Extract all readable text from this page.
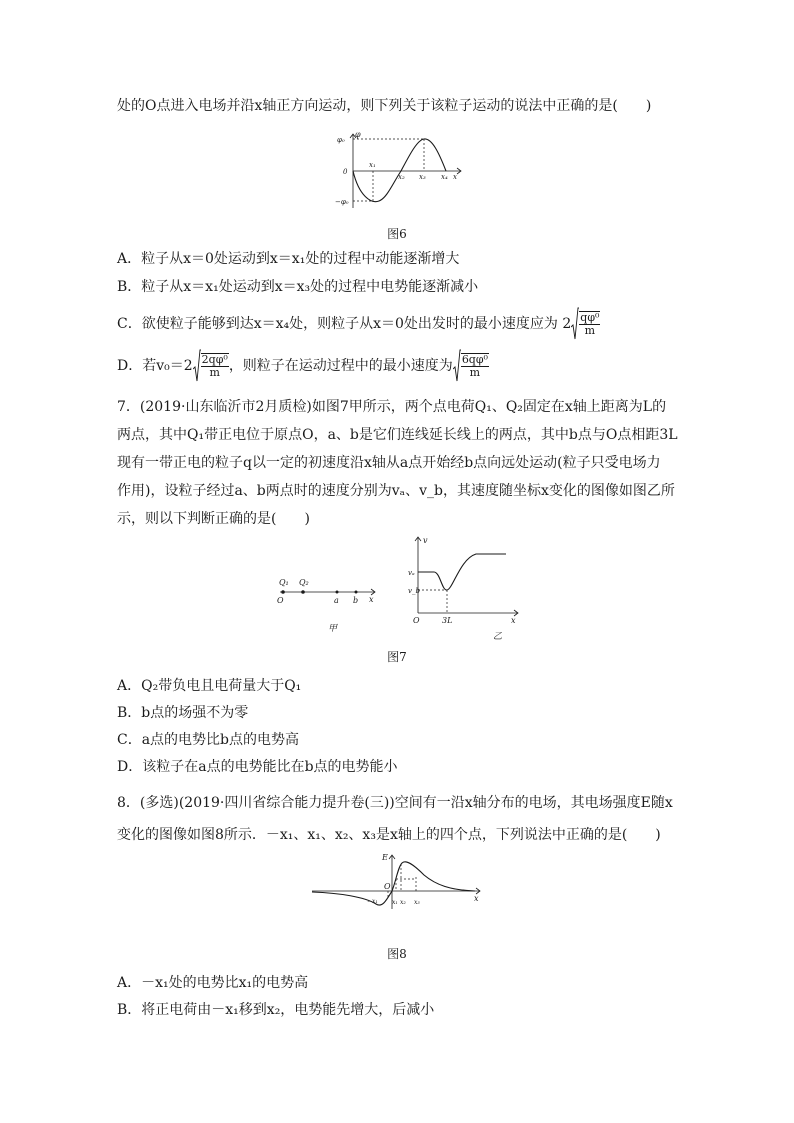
处的O点进入电场并沿x轴正方向运动，则下列关于该粒子运动的说法中正确的是(　　)
φ
φ₀
−φ₀
0
x₁
x₂ x₃ x₄ x
图6
A．粒子从x＝0处运动到x＝x₁处的过程中动能逐渐增大
B．粒子从x＝x₁处运动到x＝x₃处的过程中电势能逐渐减小
C．欲使粒子能够到达x＝x₄处，则粒子从x＝0处出发时的最小速度应为 $2 \frac{\text{qφ⁰}}{m}$
D．若$v_0=2 \frac{\text{2qφ⁰}}{m}$ ，则粒子在运动过程中的最小速度为 $\frac{\text{6qφ⁰}}{m}$
7．(2019·山东临沂市2月质检)如图7甲所示，两个点电荷Q₁、Q₂固定在x轴上距离为L的
两点，其中Q₁带正电位于原点O，a、b是它们连线延长线上的两点，其中b点与O点相距3L
现有一带正电的粒子q以一定的初速度沿x轴从a点开始经b点向远处运动(粒子只受电场力
作用)，设粒子经过a、b两点时的速度分别为vₐ、v_b，其速度随坐标x变化的图像如图乙所
示，则以下判断正确的是(　　)
Q₁ Q₂
O	a b x
甲
v
vₐ
v_b
O	3L	x
乙
图7
A．Q₂带负电且电荷量大于Q₁
B．b点的场强不为零
C．a点的电势比b点的电势高
D．该粒子在a点的电势能比在b点的电势能小
8．(多选)(2019·四川省综合能力提升卷(三))空间有一沿x轴分布的电场，其电场强度E随x
变化的图像如图8所示．－x₁、x₁、x₂、x₃是x轴上的四个点，下列说法中正确的是(　　)
E
O
−x₁ x₁ x₂ x₃	x
图8
A．－x₁处的电势比x₁的电势高
B．将正电荷由－x₁移到x₂，电势能先增大，后减小
